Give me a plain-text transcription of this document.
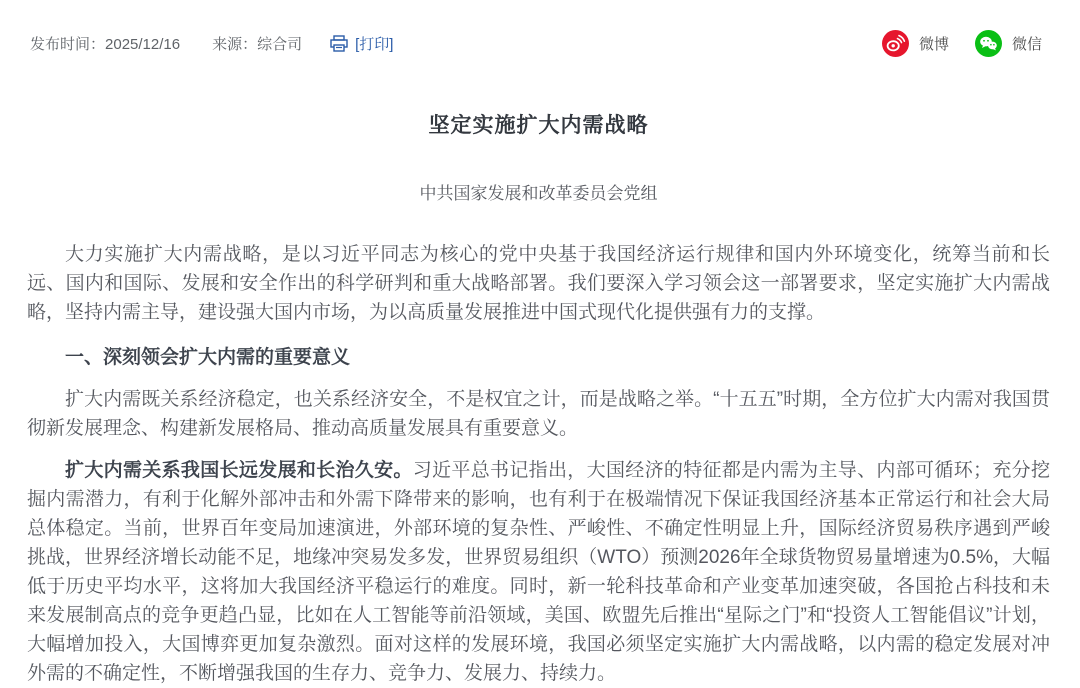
发布时间：2025/12/16 来源：综合司	[打印]	微博	微信
坚定实施扩大内需战略
中共国家发展和改革委员会党组

大力实施扩大内需战略，是以习近平同志为核心的党中央基于我国经济运行规律和国内外环境变化，统筹当前和长远、国内和国际、发展和安全作出的科学研判和重大战略部署。我们要深入学习领会这一部署要求，坚定实施扩大内需战略，坚持内需主导，建设强大国内市场，为以高质量发展推进中国式现代化提供强有力的支撑。

一、深刻领会扩大内需的重要意义

扩大内需既关系经济稳定，也关系经济安全，不是权宜之计，而是战略之举。“十五五”时期，全方位扩大内需对我国贯彻新发展理念、构建新发展格局、推动高质量发展具有重要意义。

扩大内需关系我国长远发展和长治久安。习近平总书记指出，大国经济的特征都是内需为主导、内部可循环；充分挖掘内需潜力，有利于化解外部冲击和外需下降带来的影响，也有利于在极端情况下保证我国经济基本正常运行和社会大局总体稳定。当前，世界百年变局加速演进，外部环境的复杂性、严峻性、不确定性明显上升，国际经济贸易秩序遇到严峻挑战，世界经济增长动能不足，地缘冲突易发多发，世界贸易组织（WTO）预测2026年全球货物贸易量增速为0.5%，大幅低于历史平均水平，这将加大我国经济平稳运行的难度。同时，新一轮科技革命和产业变革加速突破，各国抢占科技和未来发展制高点的竞争更趋凸显，比如在人工智能等前沿领域，美国、欧盟先后推出“星际之门”和“投资人工智能倡议”计划，大幅增加投入，大国博弈更加复杂激烈。面对这样的发展环境，我国必须坚定实施扩大内需战略，以内需的稳定发展对冲外需的不确定性，不断增强我国的生存力、竞争力、发展力、持续力。
